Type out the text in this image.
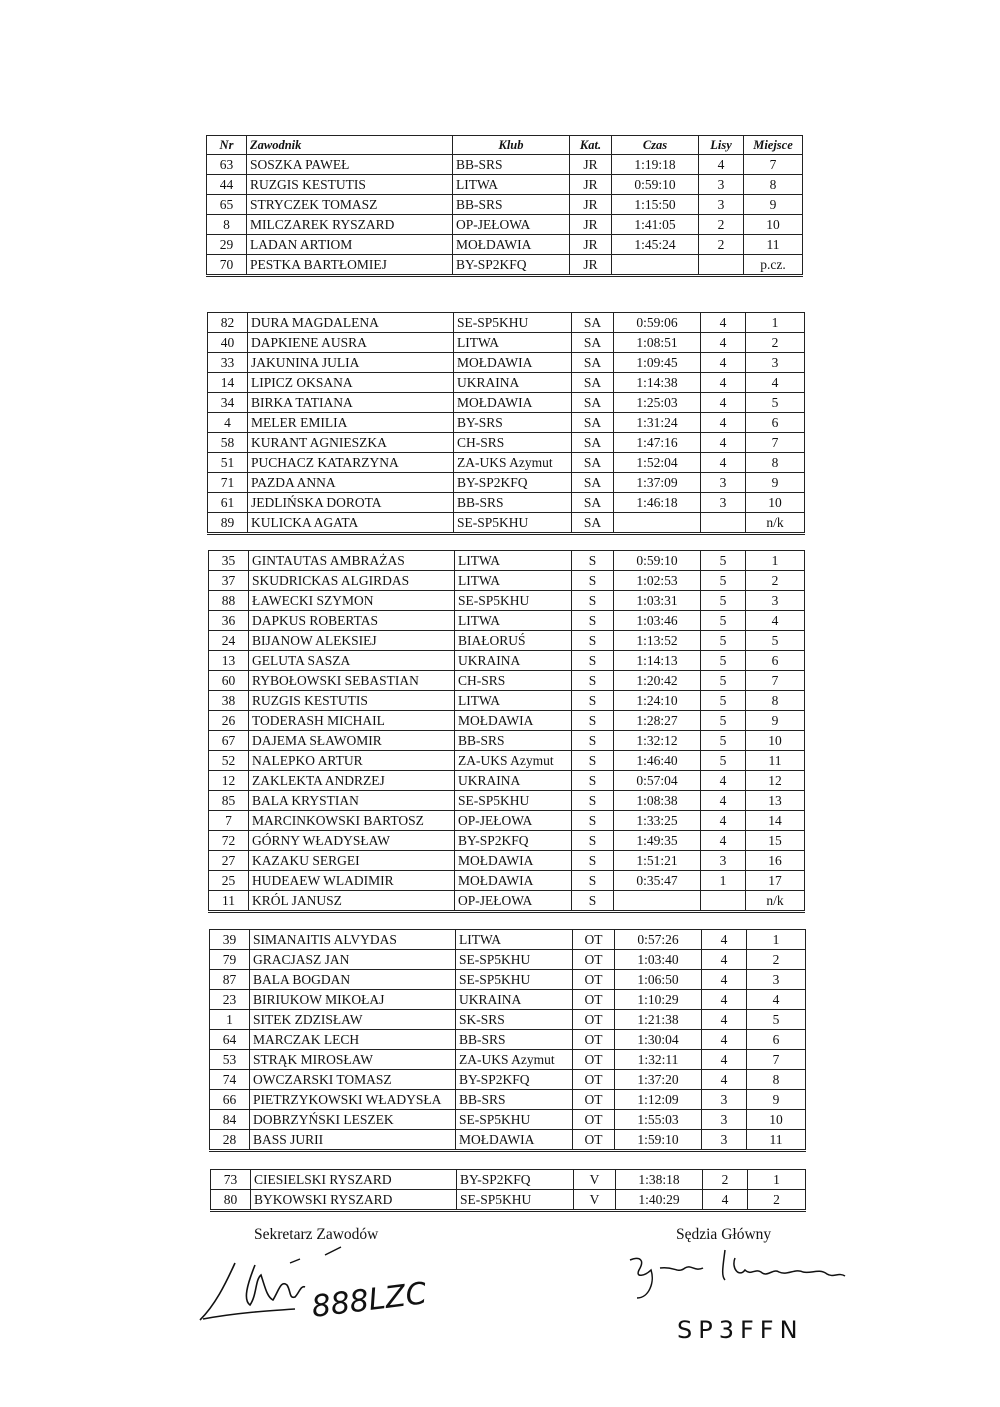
Nr	Zawodnik	Klub	Kat.	Czas	Lisy	Miejsce
63	SOSZKA PAWEŁ	BB-SRS	JR	1:19:18	4	7
44	RUZGIS KESTUTIS	LITWA	JR	0:59:10	3	8
65	STRYCZEK TOMASZ	BB-SRS	JR	1:15:50	3	9
8	MILCZAREK RYSZARD	OP-JEŁOWA	JR	1:41:05	2	10
29	LADAN ARTIOM	MOŁDAWIA	JR	1:45:24	2	11
70	PESTKA BARTŁOMIEJ	BY-SP2KFQ	JR			p.cz.
82	DURA MAGDALENA	SE-SP5KHU	SA	0:59:06	4	1
40	DAPKIENE AUSRA	LITWA	SA	1:08:51	4	2
33	JAKUNINA JULIA	MOŁDAWIA	SA	1:09:45	4	3
14	LIPICZ OKSANA	UKRAINA	SA	1:14:38	4	4
34	BIRKA TATIANA	MOŁDAWIA	SA	1:25:03	4	5
4	MELER EMILIA	BY-SRS	SA	1:31:24	4	6
58	KURANT AGNIESZKA	CH-SRS	SA	1:47:16	4	7
51	PUCHACZ KATARZYNA	ZA-UKS Azymut	SA	1:52:04	4	8
71	PAZDA ANNA	BY-SP2KFQ	SA	1:37:09	3	9
61	JEDLIŃSKA DOROTA	BB-SRS	SA	1:46:18	3	10
89	KULICKA AGATA	SE-SP5KHU	SA			n/k
35	GINTAUTAS AMBRAŻAS	LITWA	S	0:59:10	5	1
37	SKUDRICKAS ALGIRDAS	LITWA	S	1:02:53	5	2
88	ŁAWECKI SZYMON	SE-SP5KHU	S	1:03:31	5	3
36	DAPKUS ROBERTAS	LITWA	S	1:03:46	5	4
24	BIJANOW ALEKSIEJ	BIAŁORUŚ	S	1:13:52	5	5
13	GELUTA SASZA	UKRAINA	S	1:14:13	5	6
60	RYBOŁOWSKI SEBASTIAN	CH-SRS	S	1:20:42	5	7
38	RUZGIS KESTUTIS	LITWA	S	1:24:10	5	8
26	TODERASH MICHAIL	MOŁDAWIA	S	1:28:27	5	9
67	DAJEMA SŁAWOMIR	BB-SRS	S	1:32:12	5	10
52	NALEPKO ARTUR	ZA-UKS Azymut	S	1:46:40	5	11
12	ZAKLEKTA ANDRZEJ	UKRAINA	S	0:57:04	4	12
85	BALA KRYSTIAN	SE-SP5KHU	S	1:08:38	4	13
7	MARCINKOWSKI BARTOSZ	OP-JEŁOWA	S	1:33:25	4	14
72	GÓRNY WŁADYSŁAW	BY-SP2KFQ	S	1:49:35	4	15
27	KAZAKU SERGEI	MOŁDAWIA	S	1:51:21	3	16
25	HUDEAEW WLADIMIR	MOŁDAWIA	S	0:35:47	1	17
11	KRÓL JANUSZ	OP-JEŁOWA	S			n/k
39	SIMANAITIS ALVYDAS	LITWA	OT	0:57:26	4	1
79	GRACJASZ JAN	SE-SP5KHU	OT	1:03:40	4	2
87	BALA BOGDAN	SE-SP5KHU	OT	1:06:50	4	3
23	BIRIUKOW MIKOŁAJ	UKRAINA	OT	1:10:29	4	4
1	SITEK ZDZISŁAW	SK-SRS	OT	1:21:38	4	5
64	MARCZAK LECH	BB-SRS	OT	1:30:04	4	6
53	STRĄK MIROSŁAW	ZA-UKS Azymut	OT	1:32:11	4	7
74	OWCZARSKI TOMASZ	BY-SP2KFQ	OT	1:37:20	4	8
66	PIETRZYKOWSKI WŁADYSŁA	BB-SRS	OT	1:12:09	3	9
84	DOBRZYŃSKI LESZEK	SE-SP5KHU	OT	1:55:03	3	10
28	BASS JURII	MOŁDAWIA	OT	1:59:10	3	11
73	CIESIELSKI RYSZARD	BY-SP2KFQ	V	1:38:18	2	1
80	BYKOWSKI RYSZARD	SE-SP5KHU	V	1:40:29	4	2
Sekretarz Zawodów
888LZC
Sędzia Główny
SP3FFN
